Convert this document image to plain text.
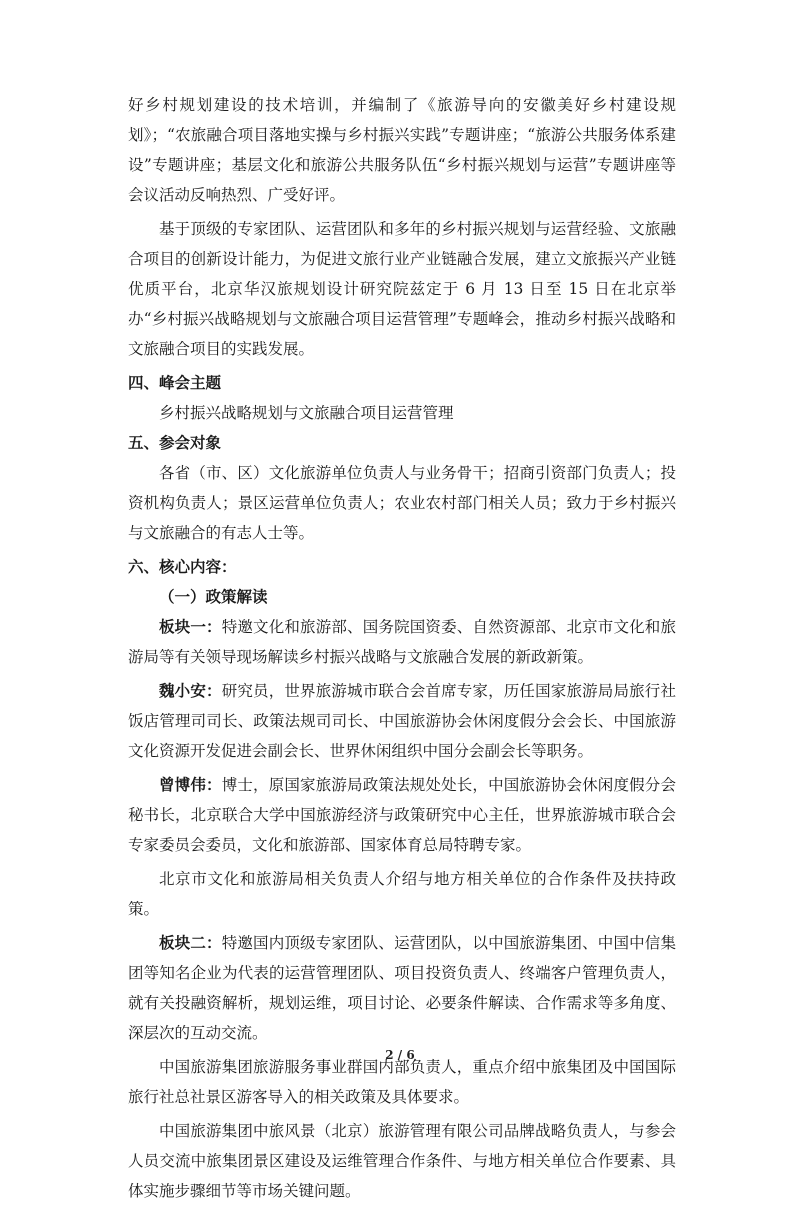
好乡村规划建设的技术培训，并编制了《旅游导向的安徽美好乡村建设规划》；“农旅融合项目落地实操与乡村振兴实践”专题讲座；“旅游公共服务体系建设”专题讲座；基层文化和旅游公共服务队伍“乡村振兴规划与运营”专题讲座等会议活动反响热烈、广受好评。

基于顶级的专家团队、运营团队和多年的乡村振兴规划与运营经验、文旅融合项目的创新设计能力，为促进文旅行业产业链融合发展，建立文旅振兴产业链优质平台，北京华汉旅规划设计研究院兹定于 6 月 13 日至 15 日在北京举办“乡村振兴战略规划与文旅融合项目运营管理”专题峰会，推动乡村振兴战略和文旅融合项目的实践发展。

四、峰会主题

乡村振兴战略规划与文旅融合项目运营管理

五、参会对象

各省（市、区）文化旅游单位负责人与业务骨干；招商引资部门负责人；投资机构负责人；景区运营单位负责人；农业农村部门相关人员；致力于乡村振兴与文旅融合的有志人士等。

六、核心内容：

（一）政策解读

板块一：特邀文化和旅游部、国务院国资委、自然资源部、北京市文化和旅游局等有关领导现场解读乡村振兴战略与文旅融合发展的新政新策。

魏小安：研究员，世界旅游城市联合会首席专家，历任国家旅游局局旅行社饭店管理司司长、政策法规司司长、中国旅游协会休闲度假分会会长、中国旅游文化资源开发促进会副会长、世界休闲组织中国分会副会长等职务。

曾博伟：博士，原国家旅游局政策法规处处长，中国旅游协会休闲度假分会秘书长，北京联合大学中国旅游经济与政策研究中心主任，世界旅游城市联合会专家委员会委员，文化和旅游部、国家体育总局特聘专家。

北京市文化和旅游局相关负责人介绍与地方相关单位的合作条件及扶持政策。

板块二：特邀国内顶级专家团队、运营团队，以中国旅游集团、中国中信集团等知名企业为代表的运营管理团队、项目投资负责人、终端客户管理负责人，就有关投融资解析，规划运维，项目讨论、必要条件解读、合作需求等多角度、深层次的互动交流。

中国旅游集团旅游服务事业群国内部负责人，重点介绍中旅集团及中国国际旅行社总社景区游客导入的相关政策及具体要求。

中国旅游集团中旅风景（北京）旅游管理有限公司品牌战略负责人，与参会人员交流中旅集团景区建设及运维管理合作条件、与地方相关单位合作要素、具体实施步骤细节等市场关键问题。

2 / 6
